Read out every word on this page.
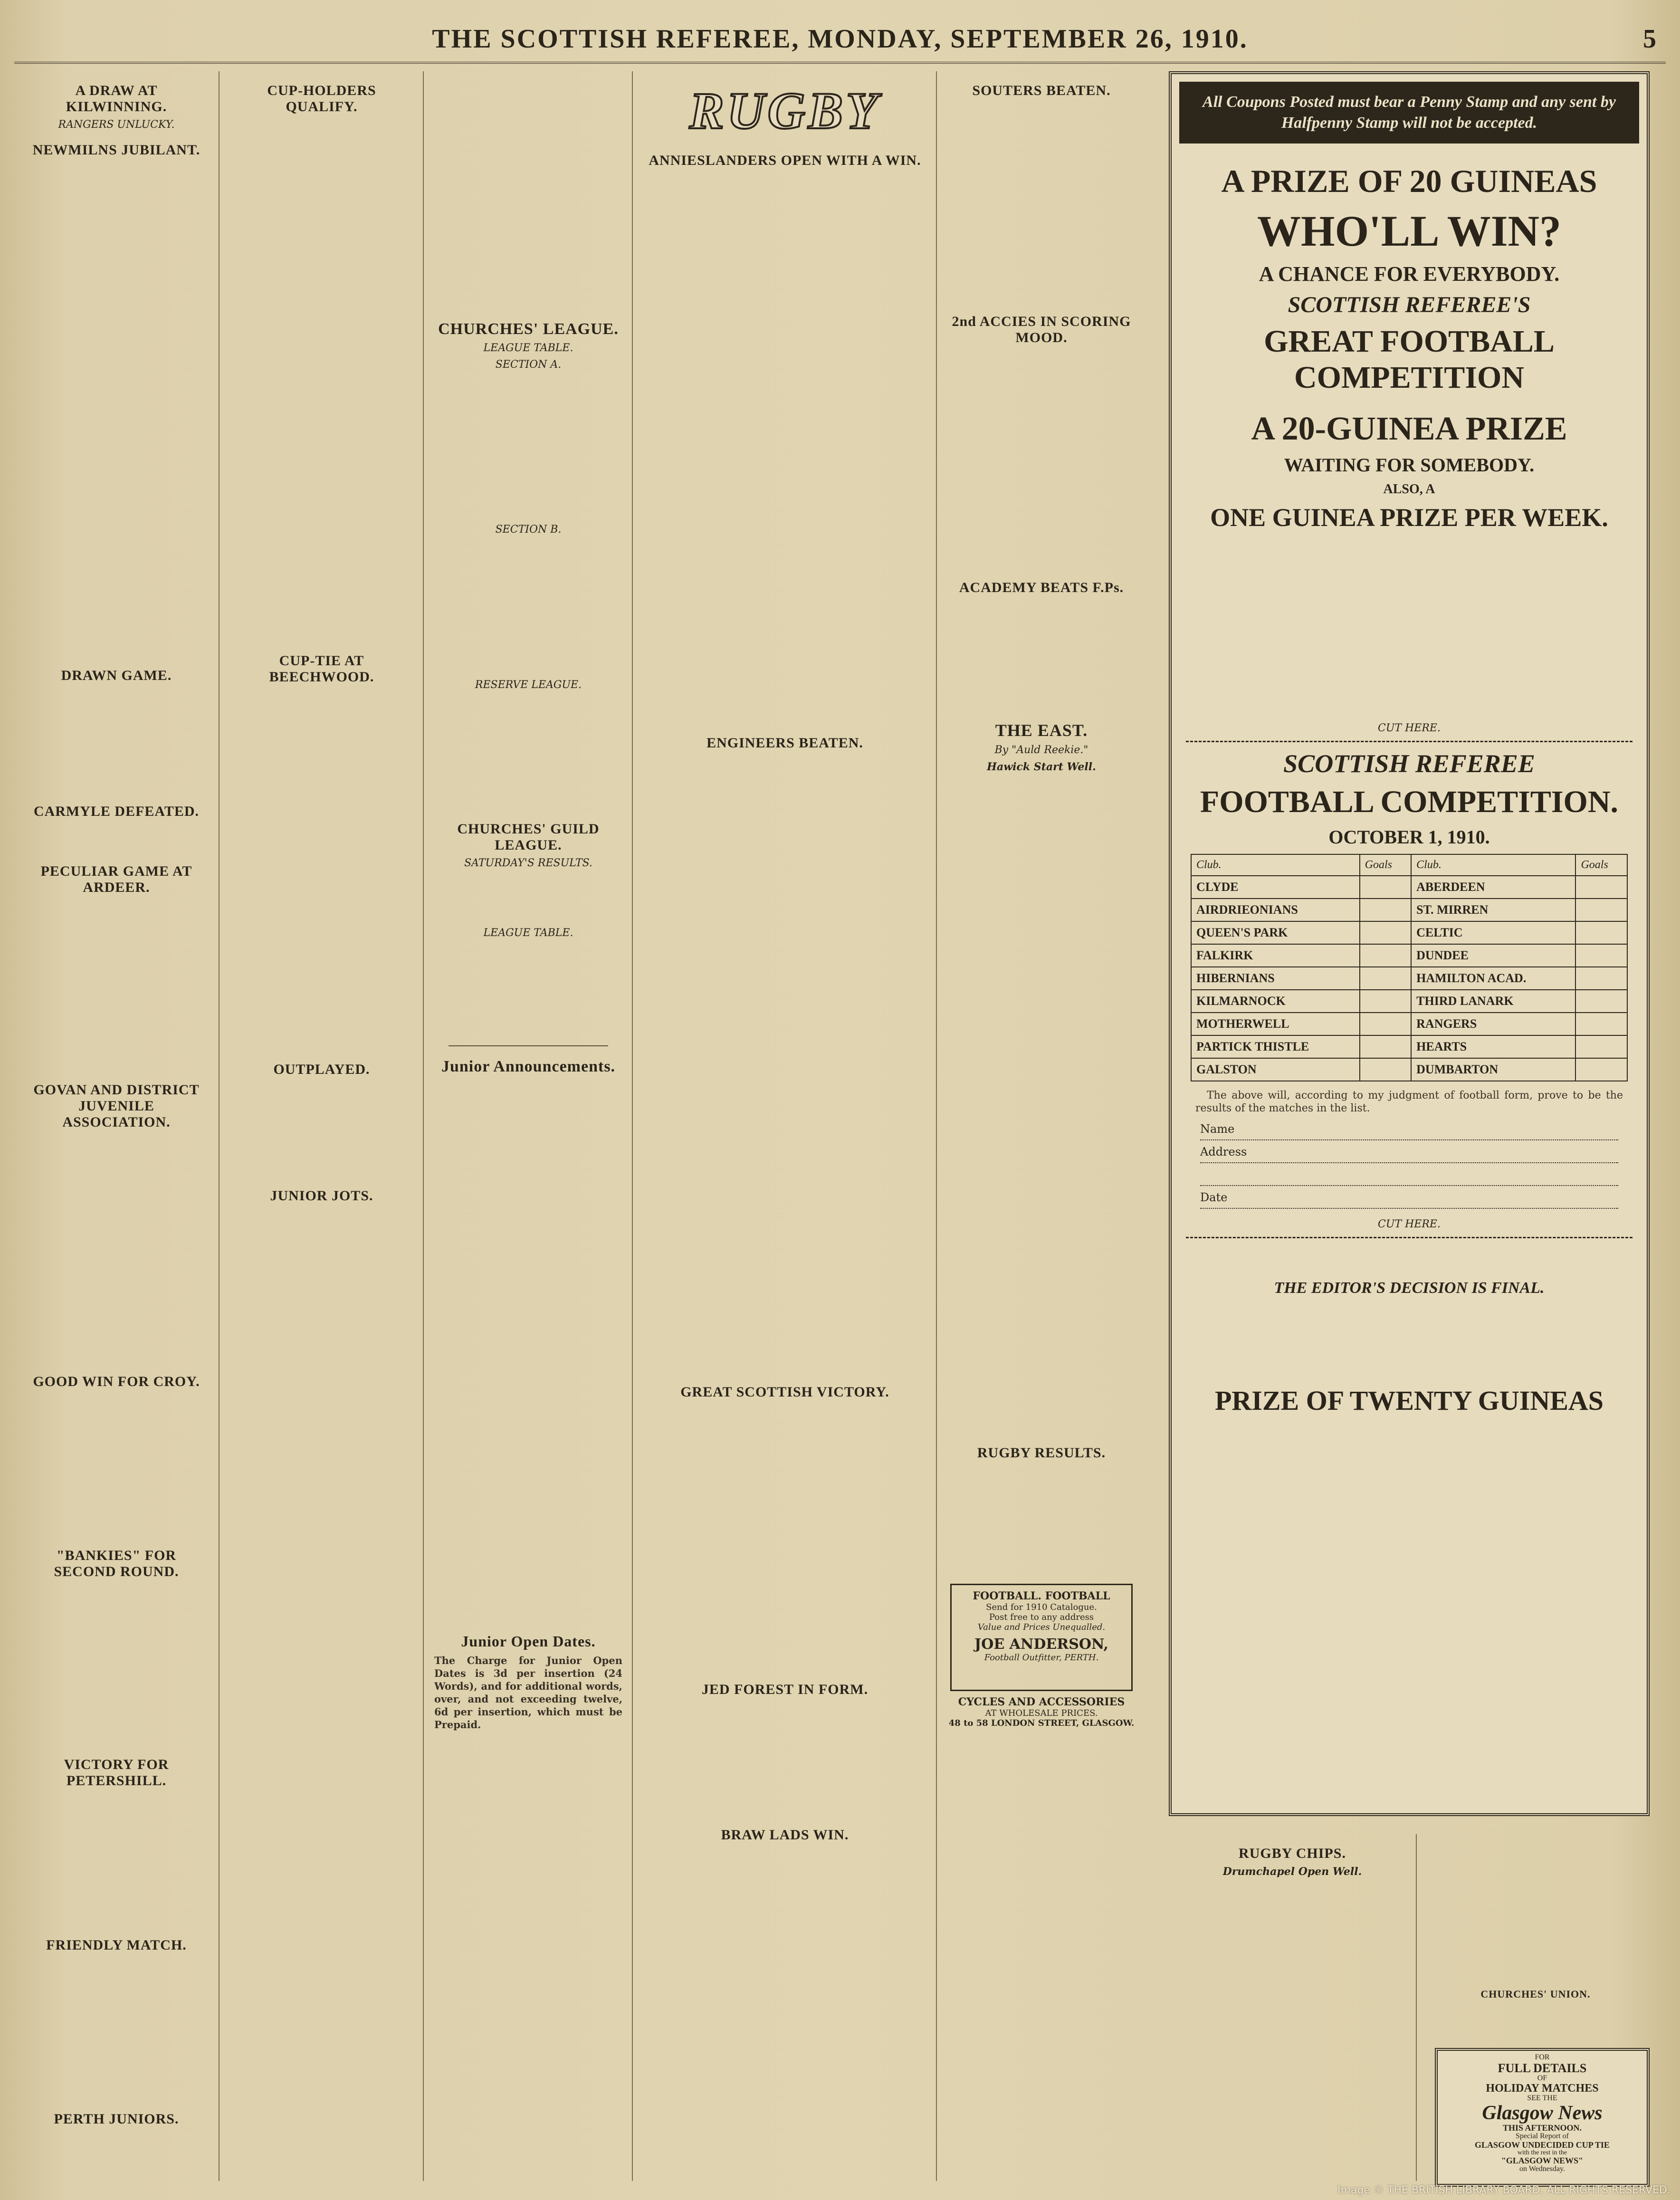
THE SCOTTISH REFEREE, MONDAY, SEPTEMBER 26, 1910.	5
A DRAW AT KILWINNING.
RANGERS UNLUCKY.
NEWMILNS JUBILANT.
DRAWN GAME.
CARMYLE DEFEATED.
PECULIAR GAME AT ARDEER.
GOVAN AND DISTRICT JUVENILE ASSOCIATION.
GOOD WIN FOR CROY.
"BANKIES" FOR SECOND ROUND.
VICTORY FOR PETERSHILL.
FRIENDLY MATCH.
PERTH JUNIORS.
CUP-HOLDERS QUALIFY.
CUP-TIE AT BEECHWOOD.
OUTPLAYED.
JUNIOR JOTS.
CHURCHES' LEAGUE.
LEAGUE TABLE.
SECTION A.
SECTION B.
RESERVE LEAGUE.
CHURCHES' GUILD LEAGUE.
SATURDAY'S RESULTS.
LEAGUE TABLE.
Junior Announcements.
Junior Open Dates.
The Charge for Junior Open Dates is 3d per insertion (24 Words), and for additional words, over, and not exceeding twelve, 6d per insertion, which must be Prepaid.
RUGBY
ANNIESLANDERS OPEN WITH A WIN.
ENGINEERS BEATEN.
GREAT SCOTTISH VICTORY.
JED FOREST IN FORM.
BRAW LADS WIN.
SOUTERS BEATEN.
2nd ACCIES IN SCORING MOOD.
ACADEMY BEATS F.Ps.
THE EAST.
By "Auld Reekie."
Hawick Start Well.
RUGBY RESULTS.
FOOTBALL. FOOTBALL
Send for 1910 Catalogue.
Post free to any address
Value and Prices Unequalled.
JOE ANDERSON,
Football Outfitter, PERTH.
CYCLES AND ACCESSORIES
AT WHOLESALE PRICES.
48 to 58 LONDON STREET, GLASGOW.
All Coupons Posted must bear a Penny Stamp and any sent by Halfpenny Stamp will not be accepted.
A PRIZE OF 20 GUINEAS
WHO'LL WIN?
A CHANCE FOR EVERYBODY.
SCOTTISH REFEREE'S
GREAT FOOTBALL COMPETITION
A 20-GUINEA PRIZE
WAITING FOR SOMEBODY.
ALSO, A
ONE GUINEA PRIZE PER WEEK.
CUT HERE.
SCOTTISH REFEREE
FOOTBALL COMPETITION.
OCTOBER 1, 1910.
Club.	Goals	Club.	Goals
CLYDE		ABERDEEN	
AIRDRIEONIANS		ST. MIRREN	
QUEEN'S PARK		CELTIC	
FALKIRK		DUNDEE	
HIBERNIANS		HAMILTON ACAD.	
KILMARNOCK		THIRD LANARK	
MOTHERWELL		RANGERS	
PARTICK THISTLE		HEARTS	
GALSTON		DUMBARTON	
The above will, according to my judgment of football form, prove to be the results of the matches in the list.
Name
Address
Date
CUT HERE.
THE EDITOR'S DECISION IS FINAL.
PRIZE OF TWENTY GUINEAS
RUGBY CHIPS.
Drumchapel Open Well.
CHURCHES' UNION.
FOR
FULL DETAILS
OF
HOLIDAY MATCHES
SEE THE
Glasgow News
THIS AFTERNOON.
Special Report of
GLASGOW UNDECIDED CUP TIE
with the rest in the
"GLASGOW NEWS"
on Wednesday.
Image © THE BRITISH LIBRARY BOARD. ALL RIGHTS RESERVED.
